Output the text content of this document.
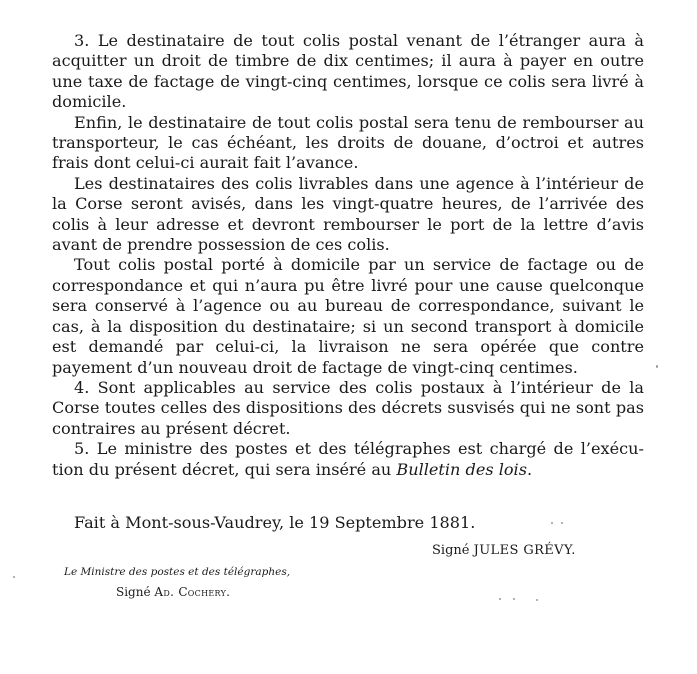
3. Le destinataire de tout colis postal venant de l’étranger aura à acquitter un droit de timbre de dix centimes; il aura à payer en outre une taxe de factage de vingt-cinq centimes, lorsque ce colis sera livré à domicile.

Enfin, le destinataire de tout colis postal sera tenu de rembourser au transporteur, le cas échéant, les droits de douane, d’octroi et autres frais dont celui-ci aurait fait l’avance.

Les destinataires des colis livrables dans une agence à l’intérieur de la Corse seront avisés, dans les vingt-quatre heures, de l’arrivée des colis à leur adresse et devront rembourser le port de la lettre d’avis avant de prendre possession de ces colis.

Tout colis postal porté à domicile par un service de factage ou de correspondance et qui n’aura pu être livré pour une cause quelconque sera conservé à l’agence ou au bureau de correspondance, suivant le cas, à la disposition du destinataire; si un second transport à domicile est demandé par celui-ci, la livraison ne sera opérée que contre payement d’un nouveau droit de factage de vingt-cinq centimes.

4. Sont applicables au service des colis postaux à l’intérieur de la Corse toutes celles des dispositions des décrets susvisés qui ne sont pas contraires au présent décret.

5. Le ministre des postes et des télégraphes est chargé de l’exécution du présent décret, qui sera inséré au Bulletin des lois.

Fait à Mont-sous-Vaudrey, le 19 Septembre 1881.
Signé JULES GRÉVY.
Le Ministre des postes et des télégraphes,
Signé Ad. Cochery.
